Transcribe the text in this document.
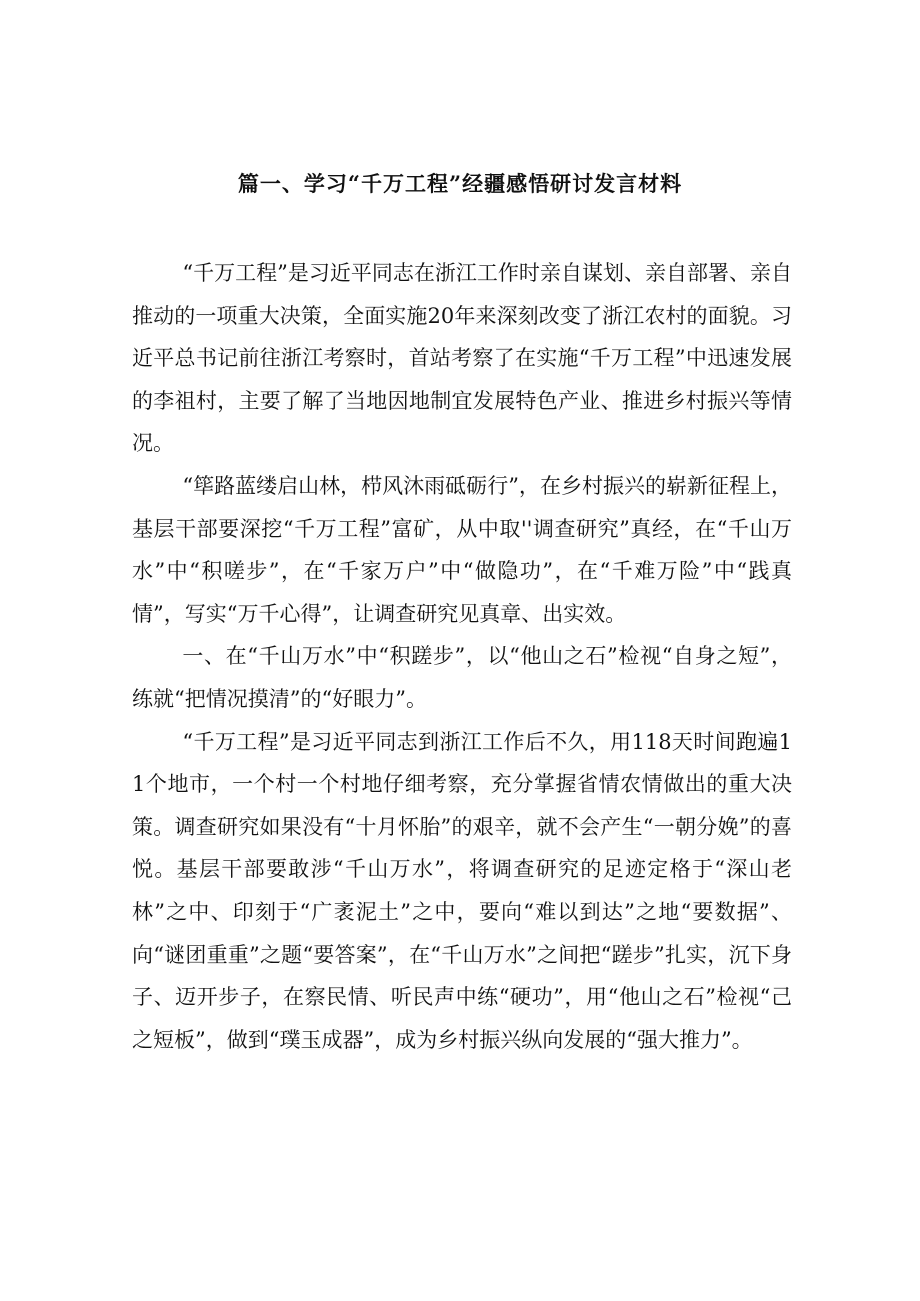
篇一、学习“千万工程”经疆感悟研讨发言材料

“千万工程”是习近平同志在浙江工作时亲自谋划、亲自部署、亲自推动的一项重大决策，全面实施20年来深刻改变了浙江农村的面貌。习近平总书记前往浙江考察时，首站考察了在实施“千万工程”中迅速发展的李祖村，主要了解了当地因地制宜发展特色产业、推进乡村振兴等情况。

“筚路蓝缕启山林，栉风沐雨砥砺行”，在乡村振兴的崭新征程上，基层干部要深挖“千万工程”富矿，从中取''调查研究”真经，在“千山万水”中“积嗟步”，在“千家万户”中“做隐功”，在“千难万险”中“践真情”，写实“万千心得”，让调查研究见真章、出实效。

一、在“千山万水”中“积蹉步”，以“他山之石”检视“自身之短”，练就“把情况摸清”的“好眼力”。

“千万工程”是习近平同志到浙江工作后不久，用118天时间跑遍11个地市，一个村一个村地仔细考察，充分掌握省情农情做出的重大决策。调查研究如果没有“十月怀胎”的艰辛，就不会产生“一朝分娩”的喜悦。基层干部要敢涉“千山万水”，将调查研究的足迹定格于“深山老林”之中、印刻于“广袤泥土”之中，要向“难以到达”之地“要数据”、向“谜团重重”之题“要答案”，在“千山万水”之间把“蹉步”扎实，沉下身子、迈开步子，在察民情、听民声中练“硬功”，用“他山之石”检视“己之短板”，做到“璞玉成器”，成为乡村振兴纵向发展的“强大推力”。
